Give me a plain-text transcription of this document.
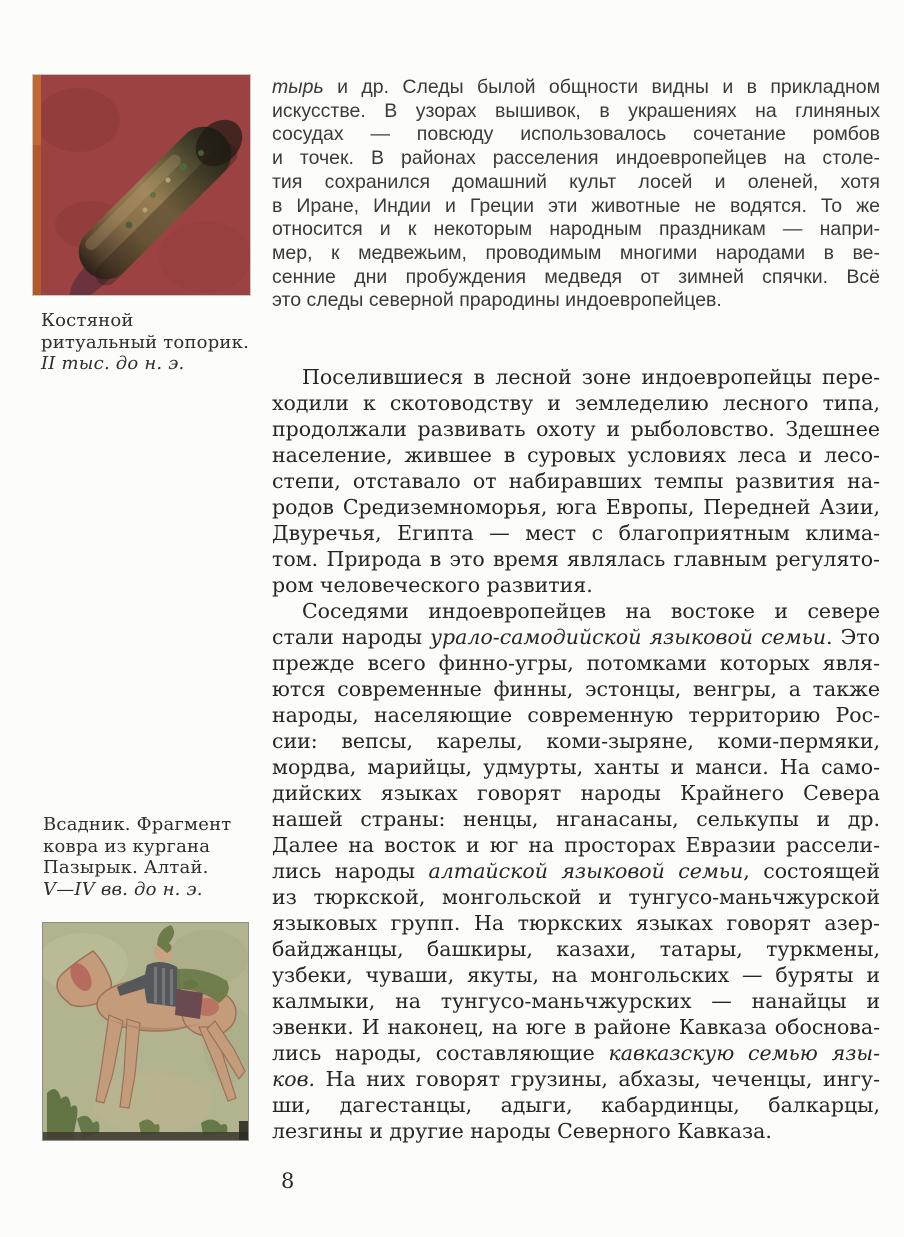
Костяной
ритуальный топорик.
II тыс. до н. э.
тырь и др. Следы былой общности видны и в прикладном
искусстве. В узорах вышивок, в украшениях на глиняных
сосудах — повсюду использовалось сочетание ромбов
и точек. В районах расселения индоевропейцев на столе-
тия сохранился домашний культ лосей и оленей, хотя
в Иране, Индии и Греции эти животные не водятся. То же
относится и к некоторым народным праздникам — напри-
мер, к медвежьим, проводимым многими народами в ве-
сенние дни пробуждения медведя от зимней спячки. Всё
это следы северной прародины индоевропейцев.
Поселившиеся в лесной зоне индоевропейцы пере-
ходили к скотоводству и земледелию лесного типа,
продолжали развивать охоту и рыболовство. Здешнее
население, жившее в суровых условиях леса и лесо-
степи, отставало от набиравших темпы развития на-
родов Средиземноморья, юга Европы, Передней Азии,
Двуречья, Египта — мест с благоприятным клима-
том. Природа в это время являлась главным регулято-
ром человеческого развития.
Соседями индоевропейцев на востоке и севере
стали народы урало-самодийской языковой семьи. Это
прежде всего финно-угры, потомками которых явля-
ются современные финны, эстонцы, венгры, а также
народы, населяющие современную территорию Рос-
сии: вепсы, карелы, коми-зыряне, коми-пермяки,
мордва, марийцы, удмурты, ханты и манси. На само-
дийских языках говорят народы Крайнего Севера
нашей страны: ненцы, нганасаны, селькупы и др.
Далее на восток и юг на просторах Евразии рассели-
лись народы алтайской языковой семьи, состоящей
из тюркской, монгольской и тунгусо-маньчжурской
языковых групп. На тюркских языках говорят азер-
байджанцы, башкиры, казахи, татары, туркмены,
узбеки, чуваши, якуты, на монгольских — буряты и
калмыки, на тунгусо-маньчжурских — нанайцы и
эвенки. И наконец, на юге в районе Кавказа обоснова-
лись народы, составляющие кавказскую семью язы-
ков. На них говорят грузины, абхазы, чеченцы, ингу-
ши, дагестанцы, адыги, кабардинцы, балкарцы,
лезгины и другие народы Северного Кавказа.
Всадник. Фрагмент
ковра из кургана
Пазырык. Алтай.
V—IV вв. до н. э.
8
